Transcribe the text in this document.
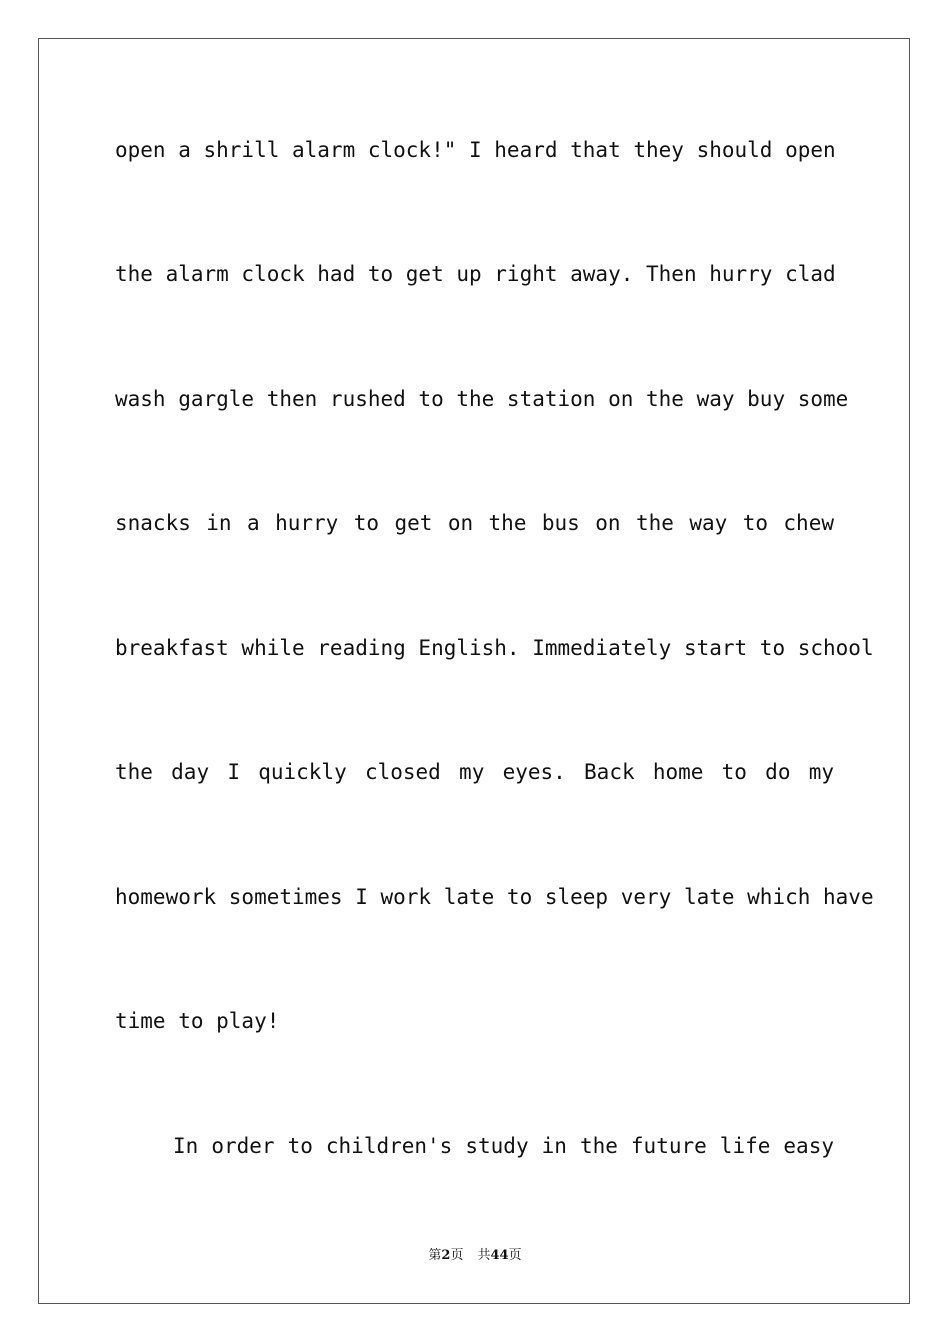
open a shrill alarm clock!" I heard that they should open

the alarm clock had to get up right away. Then hurry clad

wash gargle then rushed to the station on the way buy some

snacks in a hurry to get on the bus on the way to chew

breakfast while reading English. Immediately start to school

the day I quickly closed my eyes. Back home to do my

homework sometimes I work late to sleep very late which have

time to play!

In order to children's study in the future life easy

第2页 共44页
